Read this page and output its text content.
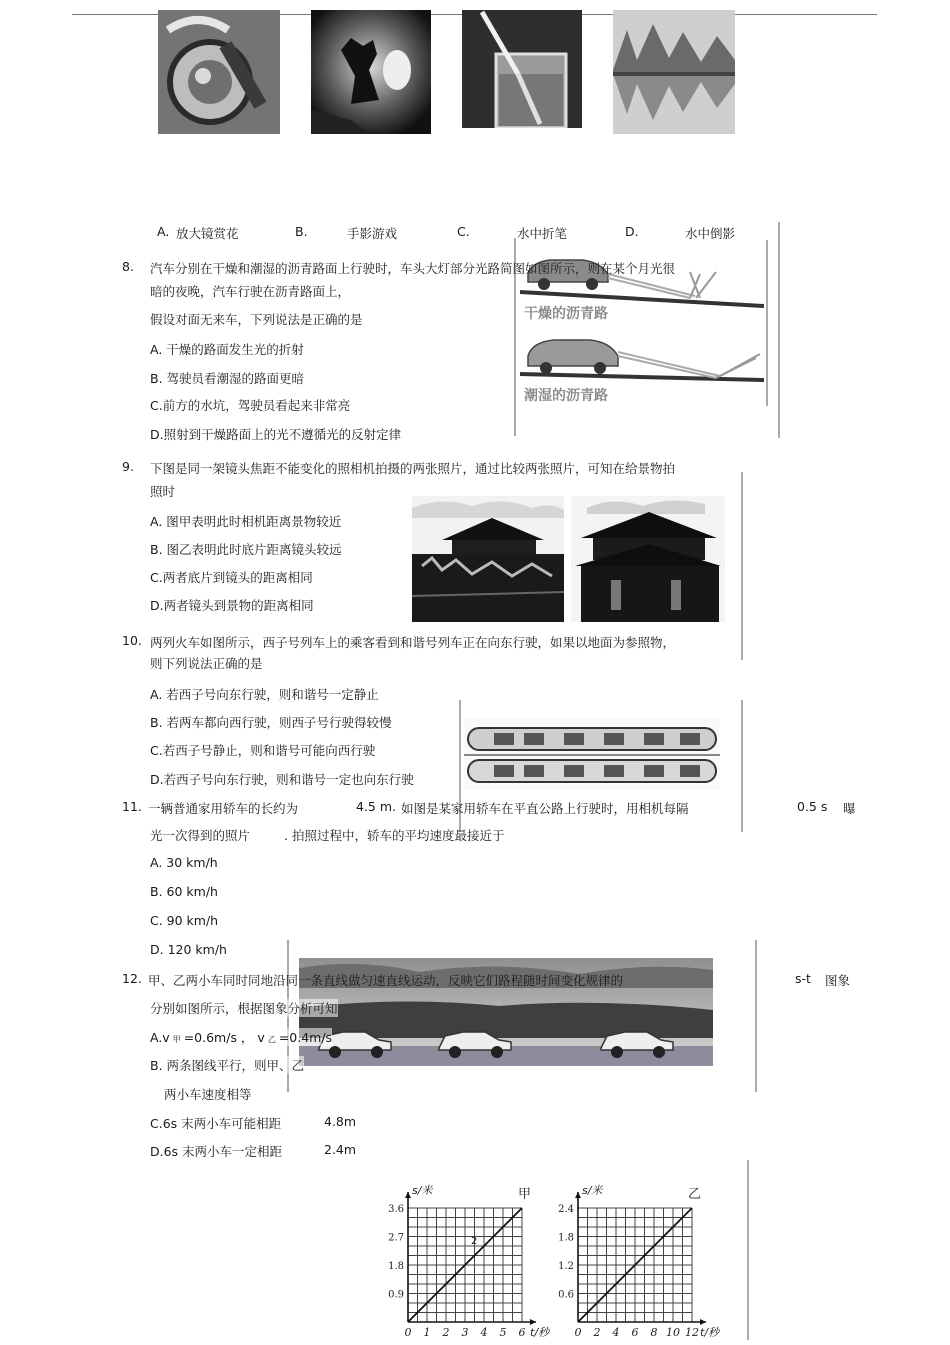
A. 放大镜赏花	B.	手影游戏	C.	水中折笔	D.	水中倒影
干燥的沥青路
潮湿的沥青路
8. 汽车分别在干燥和潮湿的沥青路面上行驶时，车头大灯部分光路简图如图所示，则在某个月光很
暗的夜晚，汽车行驶在沥青路面上，
假设对面无来车，下列说法是正确的是
A. 干燥的路面发生光的折射
B. 驾驶员看潮湿的路面更暗
C.前方的水坑，驾驶员看起来非常亮
D.照射到干燥路面上的光不遵循光的反射定律
9. 下图是同一架镜头焦距不能变化的照相机拍摄的两张照片，通过比较两张照片，可知在给景物拍
照时
A. 图甲表明此时相机距离景物较近
B. 图乙表明此时底片距离镜头较远
C.两者底片到镜头的距离相同
D.两者镜头到景物的距离相同
10. 两列火车如图所示，西子号列车上的乘客看到和谐号列车正在向东行驶，如果以地面为参照物，
则下列说法正确的是
A. 若西子号向东行驶，则和谐号一定静止
B. 若两车都向西行驶，则西子号行驶得较慢
C.若西子号静止，则和谐号可能向西行驶
D.若西子号向东行驶，则和谐号一定也向东行驶
11. 一辆普通家用轿车的长约为	4.5 m. 如图是某家用轿车在平直公路上行驶时，用相机每隔	0.5 s 曝
光一次得到的照片	. 拍照过程中，轿车的平均速度最接近于
A. 30 km/h
B. 60 km/h
C. 90 km/h
D. 120 km/h
12. 甲、乙两小车同时同地沿同一条直线做匀速直线运动，反映它们路程随时间变化规律的	s-t 图象
分别如图所示，根据图象分析可知
A.v 甲 =0.6m/s ， v 乙 =0.4m/s
B. 两条图线平行，则甲、乙
两小车速度相等
C.6s 末两小车可能相距	4.8m
D.6s 末两小车一定相距	2.4m
0 1 2 3 4 5 6
0.9
1.8
2.7
3.6
s/米
t/秒
甲
0 2 4 6 8 10 12
0.6
1.2
1.8
2.4
s/米
t/秒
乙
2
